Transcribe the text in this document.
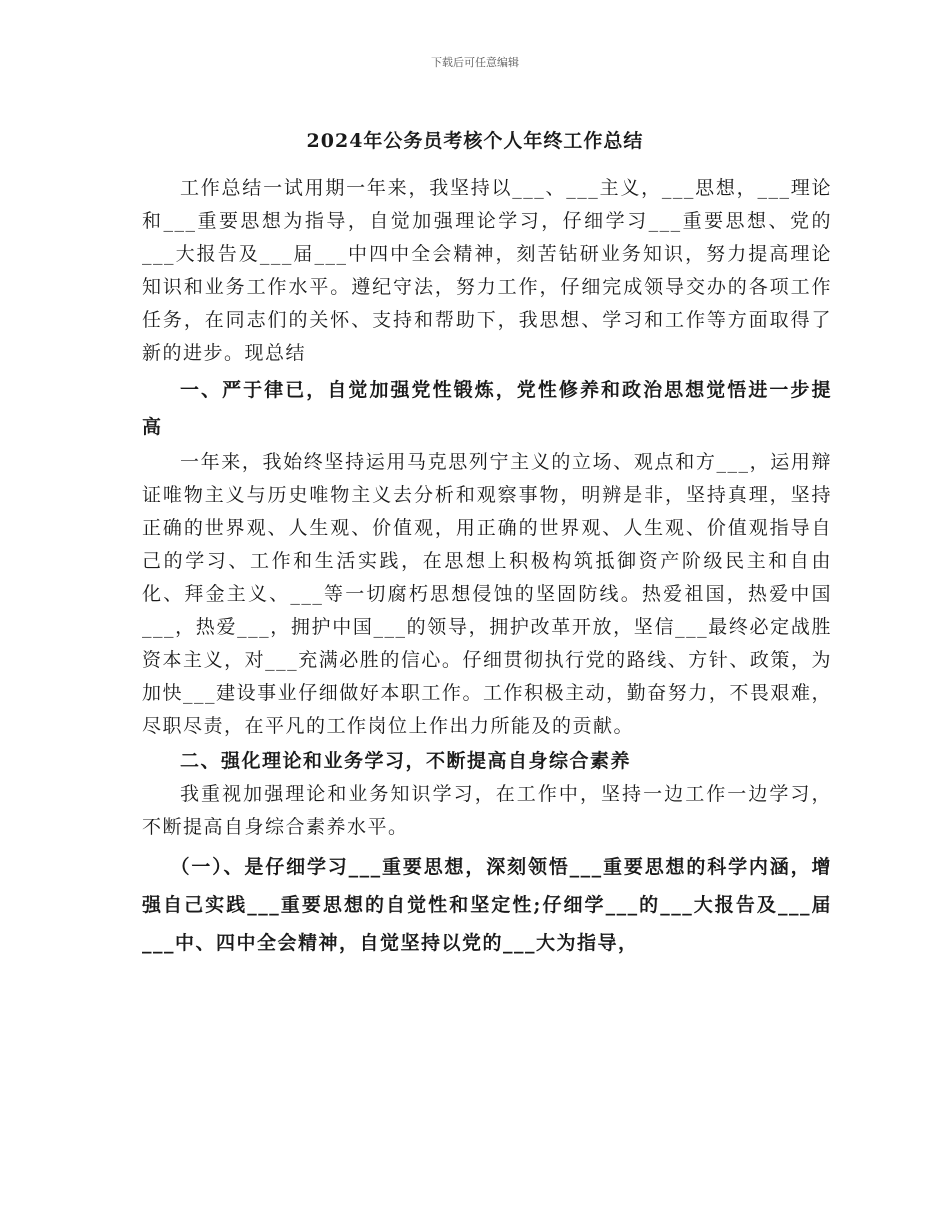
下载后可任意编辑
2024年公务员考核个人年终工作总结

工作总结一试用期一年来，我坚持以___、___主义，___思想，___理论和___重要思想为指导，自觉加强理论学习，仔细学习___重要思想、党的___大报告及___届___中四中全会精神，刻苦钻研业务知识，努力提高理论知识和业务工作水平。遵纪守法，努力工作，仔细完成领导交办的各项工作任务，在同志们的关怀、支持和帮助下，我思想、学习和工作等方面取得了新的进步。现总结

一、严于律已，自觉加强党性锻炼，党性修养和政治思想觉悟进一步提高

一年来，我始终坚持运用马克思列宁主义的立场、观点和方___，运用辩证唯物主义与历史唯物主义去分析和观察事物，明辨是非，坚持真理，坚持正确的世界观、人生观、价值观，用正确的世界观、人生观、价值观指导自己的学习、工作和生活实践，在思想上积极构筑抵御资产阶级民主和自由化、拜金主义、___等一切腐朽思想侵蚀的坚固防线。热爱祖国，热爱中国___，热爱___，拥护中国___的领导，拥护改革开放，坚信___最终必定战胜资本主义，对___充满必胜的信心。仔细贯彻执行党的路线、方针、政策，为加快___建设事业仔细做好本职工作。工作积极主动，勤奋努力，不畏艰难，尽职尽责，在平凡的工作岗位上作出力所能及的贡献。

二、强化理论和业务学习，不断提高自身综合素养

我重视加强理论和业务知识学习，在工作中，坚持一边工作一边学习，不断提高自身综合素养水平。

（一）、是仔细学习___重要思想，深刻领悟___重要思想的科学内涵，增强自己实践___重要思想的自觉性和坚定性;仔细学___的___大报告及___届___中、四中全会精神，自觉坚持以党的___大为指导，
